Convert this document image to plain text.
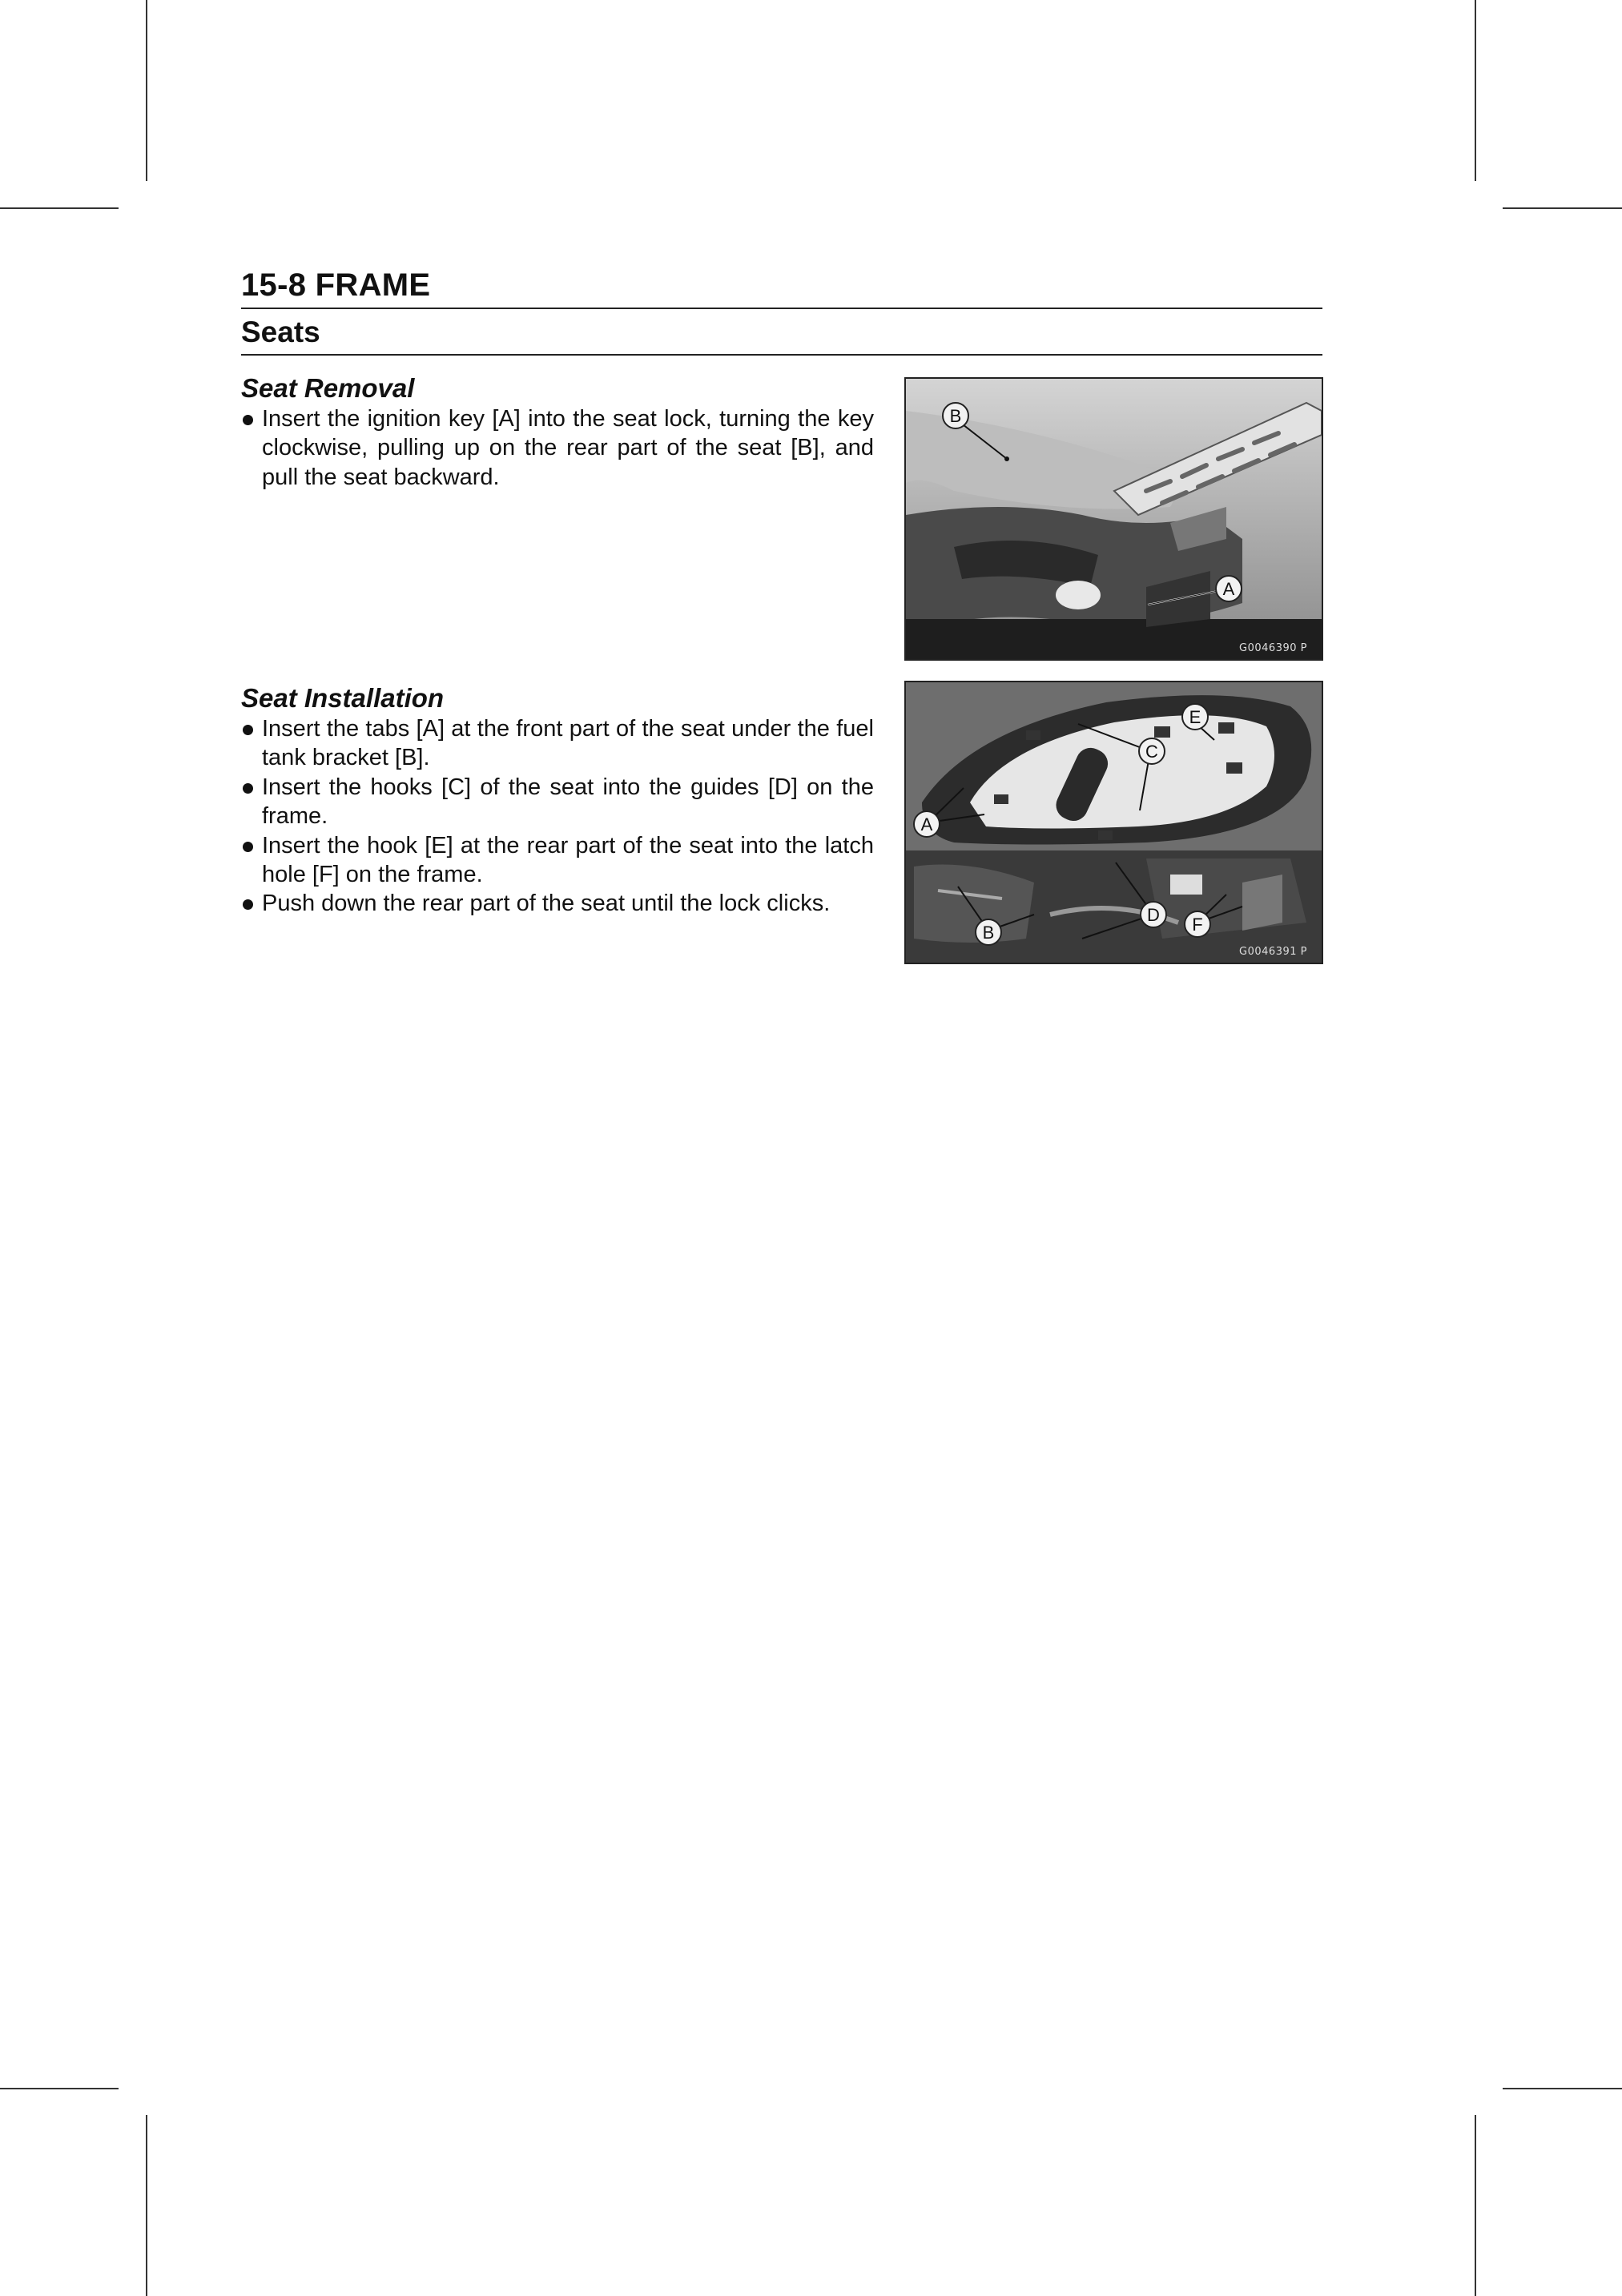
15-8 FRAME
Seats
Seat Removal
Insert the ignition key [A] into the seat lock, turning the key clockwise, pulling up on the rear part of the seat [B], and pull the seat backward.
B
A
G0046390 P
Seat Installation
Insert the tabs [A] at the front part of the seat under the fuel tank bracket [B].
Insert the hooks [C] of the seat into the guides [D] on the frame.
Insert the hook [E] at the rear part of the seat into the latch hole [F] on the frame.
Push down the rear part of the seat until the lock clicks.
A
B
C
D
E
F
G0046391 P
